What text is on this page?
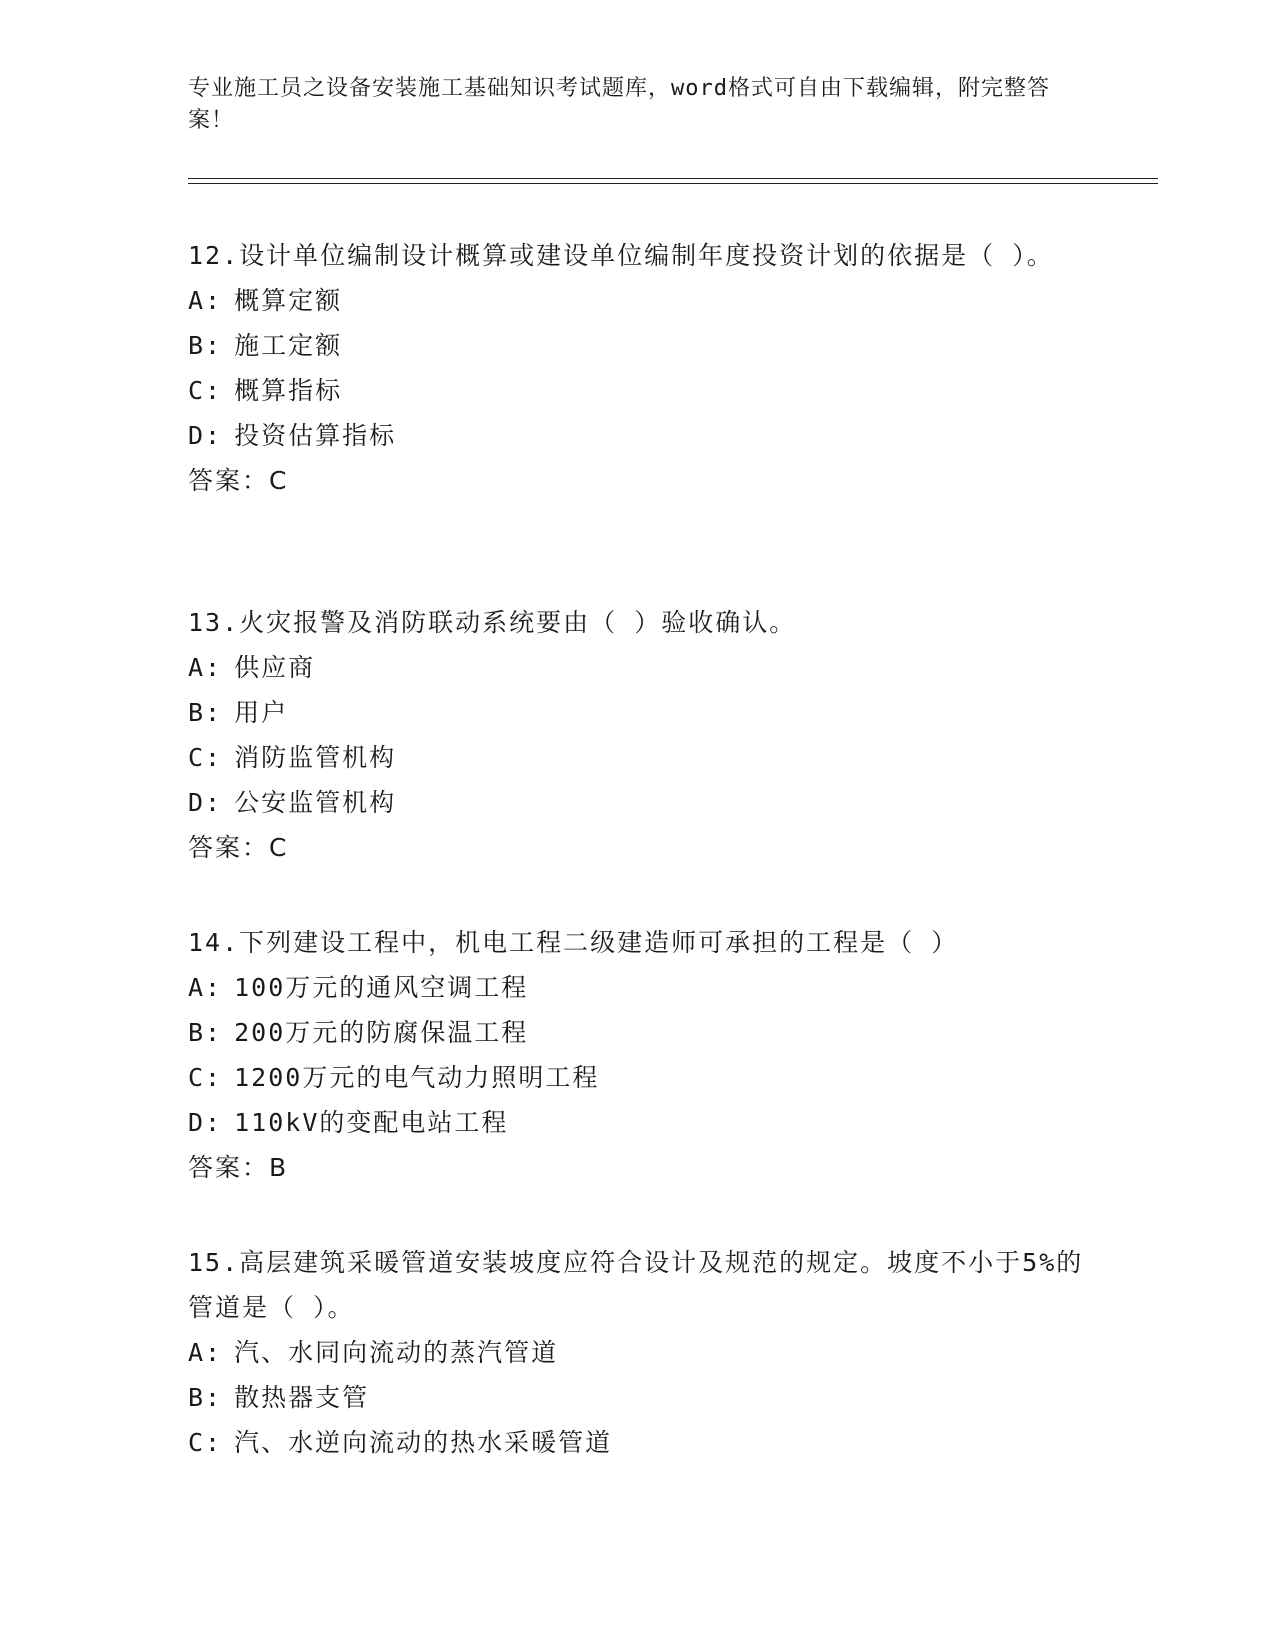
专业施工员之设备安装施工基础知识考试题库，word格式可自由下载编辑，附完整答案！

12.设计单位编制设计概算或建设单位编制年度投资计划的依据是（ ）。

A: 概算定额

B: 施工定额

C: 概算指标

D: 投资估算指标

答案：C

13.火灾报警及消防联动系统要由（ ）验收确认。

A: 供应商

B: 用户

C: 消防监管机构

D: 公安监管机构

答案：C

14.下列建设工程中，机电工程二级建造师可承担的工程是（ ）

A: 100万元的通风空调工程

B: 200万元的防腐保温工程

C: 1200万元的电气动力照明工程

D: 110kV的变配电站工程

答案：B

15.高层建筑采暖管道安装坡度应符合设计及规范的规定。坡度不小于5%的管道是（ ）。

A: 汽、水同向流动的蒸汽管道

B: 散热器支管

C: 汽、水逆向流动的热水采暖管道
